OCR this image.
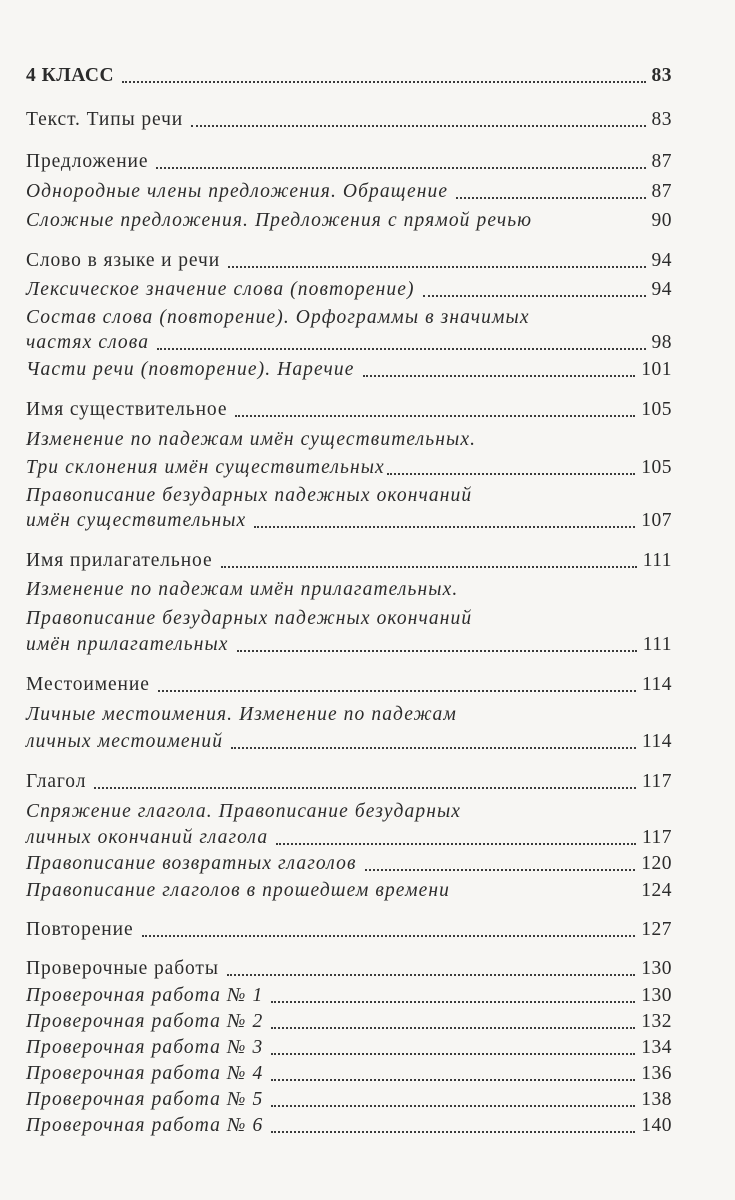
4 КЛАСС	83
Текст. Типы речи	83
Предложение	87
Однородные члены предложения. Обращение	87
Сложные предложения. Предложения с прямой речью	90
Слово в языке и речи	94
Лексическое значение слова (повторение)	94
Состав слова (повторение). Орфограммы в значимых
частях слова	98
Части речи (повторение). Наречие	101
Имя существительное	105
Изменение по падежам имён существительных.
Три склонения имён существительных	105
Правописание безударных падежных окончаний
имён существительных	107
Имя прилагательное	111
Изменение по падежам имён прилагательных.
Правописание безударных падежных окончаний
имён прилагательных	111
Местоимение	114
Личные местоимения. Изменение по падежам
личных местоимений	114
Глагол	117
Спряжение глагола. Правописание безударных
личных окончаний глагола	117
Правописание возвратных глаголов	120
Правописание глаголов в прошедшем времени	124
Повторение	127
Проверочные работы	130
Проверочная работа № 1	130
Проверочная работа № 2	132
Проверочная работа № 3	134
Проверочная работа № 4	136
Проверочная работа № 5	138
Проверочная работа № 6	140
